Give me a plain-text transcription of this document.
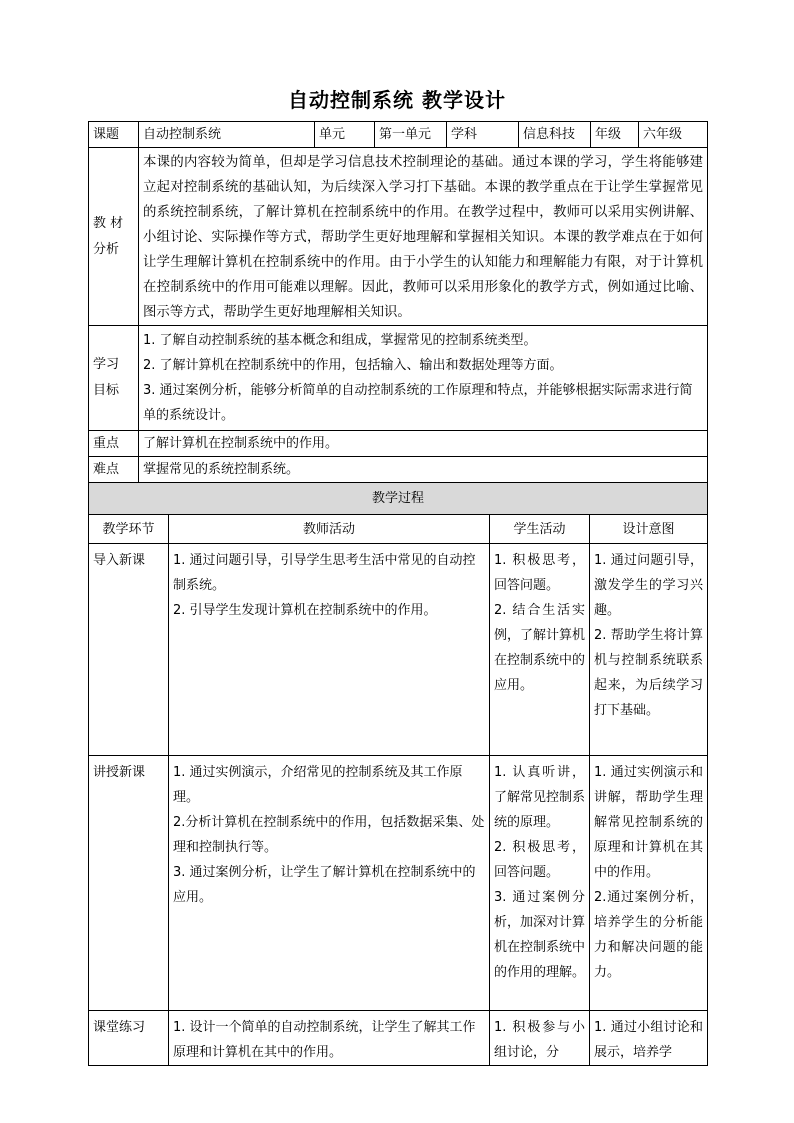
自动控制系统 教学设计
课题	自动控制系统	单元	第一单元	学科	信息科技	年级	六年级

教 材
分析	本课的内容较为简单，但却是学习信息技术控制理论的基础。通过本课的学习，学生将能够建立起对控制系统的基础认知，为后续深入学习打下基础。本课的教学重点在于让学生掌握常见的系统控制系统，了解计算机在控制系统中的作用。在教学过程中，教师可以采用实例讲解、小组讨论、实际操作等方式，帮助学生更好地理解和掌握相关知识。本课的教学难点在于如何让学生理解计算机在控制系统中的作用。由于小学生的认知能力和理解能力有限，对于计算机在控制系统中的作用可能难以理解。因此，教师可以采用形象化的教学方式，例如通过比喻、图示等方式，帮助学生更好地理解相关知识。						

学习
目标	1. 了解自动控制系统的基本概念和组成，掌握常见的控制系统类型。
2. 了解计算机在控制系统中的作用，包括输入、输出和数据处理等方面。
3. 通过案例分析，能够分析简单的自动控制系统的工作原理和特点，并能够根据实际需求进行简单的系统设计。						

重点	了解计算机在控制系统中的作用。						
难点	掌握常见的系统控制系统。						
教学过程			
教学环节	教师活动	学生活动	设计意图
导入新课	1. 通过问题引导，引导学生思考生活中常见的自动控制系统。
2. 引导学生发现计算机在控制系统中的作用。	1. 积极思考，回答问题。
2. 结合生活实例，了解计算机在控制系统中的应用。	1. 通过问题引导，激发学生的学习兴趣。
2. 帮助学生将计算机与控制系统联系起来，为后续学习打下基础。

讲授新课	1. 通过实例演示，介绍常见的控制系统及其工作原理。
2.分析计算机在控制系统中的作用，包括数据采集、处理和控制执行等。
3. 通过案例分析，让学生了解计算机在控制系统中的应用。	1. 认真听讲，了解常见控制系统的原理。
2. 积极思考，回答问题。
3. 通过案例分析，加深对计算机在控制系统中的作用的理解。	1. 通过实例演示和讲解，帮助学生理解常见控制系统的原理和计算机在其中的作用。
2.通过案例分析，培养学生的分析能力和解决问题的能力。

课堂练习	1. 设计一个简单的自动控制系统，让学生了解其工作原理和计算机在其中的作用。	1. 积极参与小组讨论，分	1. 通过小组讨论和展示，培养学
